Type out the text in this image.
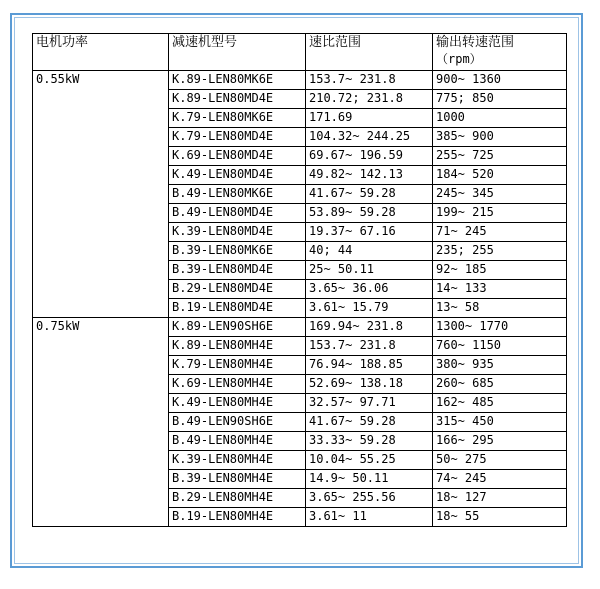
电机功率	减速机型号	速比范围	输出转速范围
（rpm）

0.55kW	K.89-LEN80MK6E	153.7~ 231.8	900~ 1360
	K.89-LEN80MD4E	210.72; 231.8	775; 850
	K.79-LEN80MK6E	171.69	1000
	K.79-LEN80MD4E	104.32~ 244.25	385~ 900
	K.69-LEN80MD4E	69.67~ 196.59	255~ 725
	K.49-LEN80MD4E	49.82~ 142.13	184~ 520
	B.49-LEN80MK6E	41.67~ 59.28	245~ 345
	B.49-LEN80MD4E	53.89~ 59.28	199~ 215
	K.39-LEN80MD4E	19.37~ 67.16	71~ 245
	B.39-LEN80MK6E	40; 44	235; 255
	B.39-LEN80MD4E	25~ 50.11	92~ 185
	B.29-LEN80MD4E	3.65~ 36.06	14~ 133
	B.19-LEN80MD4E	3.61~ 15.79	13~ 58
0.75kW	K.89-LEN90SH6E	169.94~ 231.8	1300~ 1770
	K.89-LEN80MH4E	153.7~ 231.8	760~ 1150
	K.79-LEN80MH4E	76.94~ 188.85	380~ 935
	K.69-LEN80MH4E	52.69~ 138.18	260~ 685
	K.49-LEN80MH4E	32.57~ 97.71	162~ 485
	B.49-LEN90SH6E	41.67~ 59.28	315~ 450
	B.49-LEN80MH4E	33.33~ 59.28	166~ 295
	K.39-LEN80MH4E	10.04~ 55.25	50~ 275
	B.39-LEN80MH4E	14.9~ 50.11	74~ 245
	B.29-LEN80MH4E	3.65~ 255.56	18~ 127
	B.19-LEN80MH4E	3.61~ 11	18~ 55
